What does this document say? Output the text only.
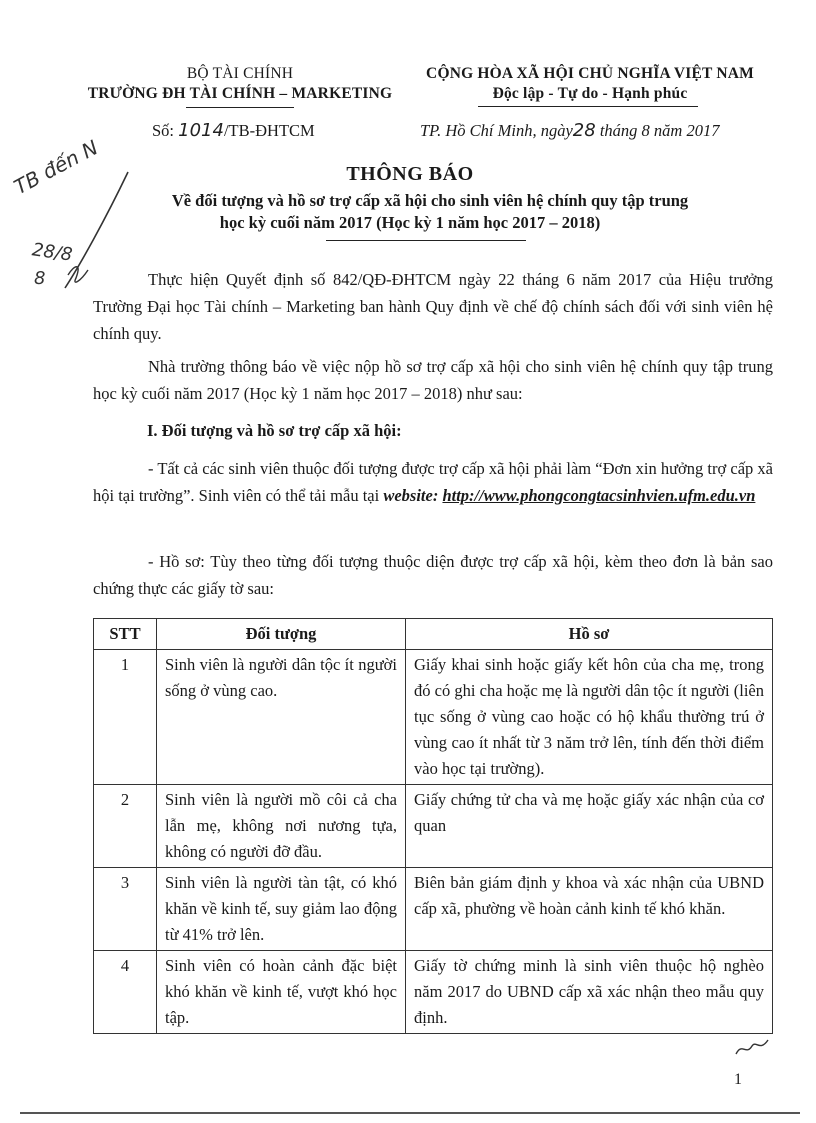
BỘ TÀI CHÍNH
TRƯỜNG ĐH TÀI CHÍNH – MARKETING
CỘNG HÒA XÃ HỘI CHỦ NGHĨA VIỆT NAM
Độc lập - Tự do - Hạnh phúc
Số: 1014/TB-ĐHTCM	TP. Hồ Chí Minh, ngày28 tháng 8 năm 2017
TB đến N
28/8
8
THÔNG BÁO
Về đối tượng và hồ sơ trợ cấp xã hội cho sinh viên hệ chính quy tập trung
học kỳ cuối năm 2017 (Học kỳ 1 năm học 2017 – 2018)
Thực hiện Quyết định số 842/QĐ-ĐHTCM ngày 22 tháng 6 năm 2017 của Hiệu trưởng Trường Đại học Tài chính – Marketing ban hành Quy định về chế độ chính sách đối với sinh viên hệ chính quy.
Nhà trường thông báo về việc nộp hồ sơ trợ cấp xã hội cho sinh viên hệ chính quy tập trung học kỳ cuối năm 2017 (Học kỳ 1 năm học 2017 – 2018) như sau:
I. Đối tượng và hồ sơ trợ cấp xã hội:
- Tất cả các sinh viên thuộc đối tượng được trợ cấp xã hội phải làm “Đơn xin hưởng trợ cấp xã hội tại trường”. Sinh viên có thể tải mẫu tại website: http://www.phongcongtacsinhvien.ufm.edu.vn
- Hồ sơ: Tùy theo từng đối tượng thuộc diện được trợ cấp xã hội, kèm theo đơn là bản sao chứng thực các giấy tờ sau:
STT	Đối tượng	Hồ sơ
1	Sinh viên là người dân tộc ít người sống ở vùng cao.	Giấy khai sinh hoặc giấy kết hôn của cha mẹ, trong đó có ghi cha hoặc mẹ là người dân tộc ít người (liên tục sống ở vùng cao hoặc có hộ khẩu thường trú ở vùng cao ít nhất từ 3 năm trở lên, tính đến thời điểm vào học tại trường).
2	Sinh viên là người mồ côi cả cha lẫn mẹ, không nơi nương tựa, không có người đỡ đầu.	Giấy chứng tử cha và mẹ hoặc giấy xác nhận của cơ quan
3	Sinh viên là người tàn tật, có khó khăn về kinh tế, suy giảm lao động từ 41% trở lên.	Biên bản giám định y khoa và xác nhận của UBND cấp xã, phường về hoàn cảnh kinh tế khó khăn.
4	Sinh viên có hoàn cảnh đặc biệt khó khăn về kinh tế, vượt khó học tập.	Giấy tờ chứng minh là sinh viên thuộc hộ nghèo năm 2017 do UBND cấp xã xác nhận theo mẫu quy định.
1
